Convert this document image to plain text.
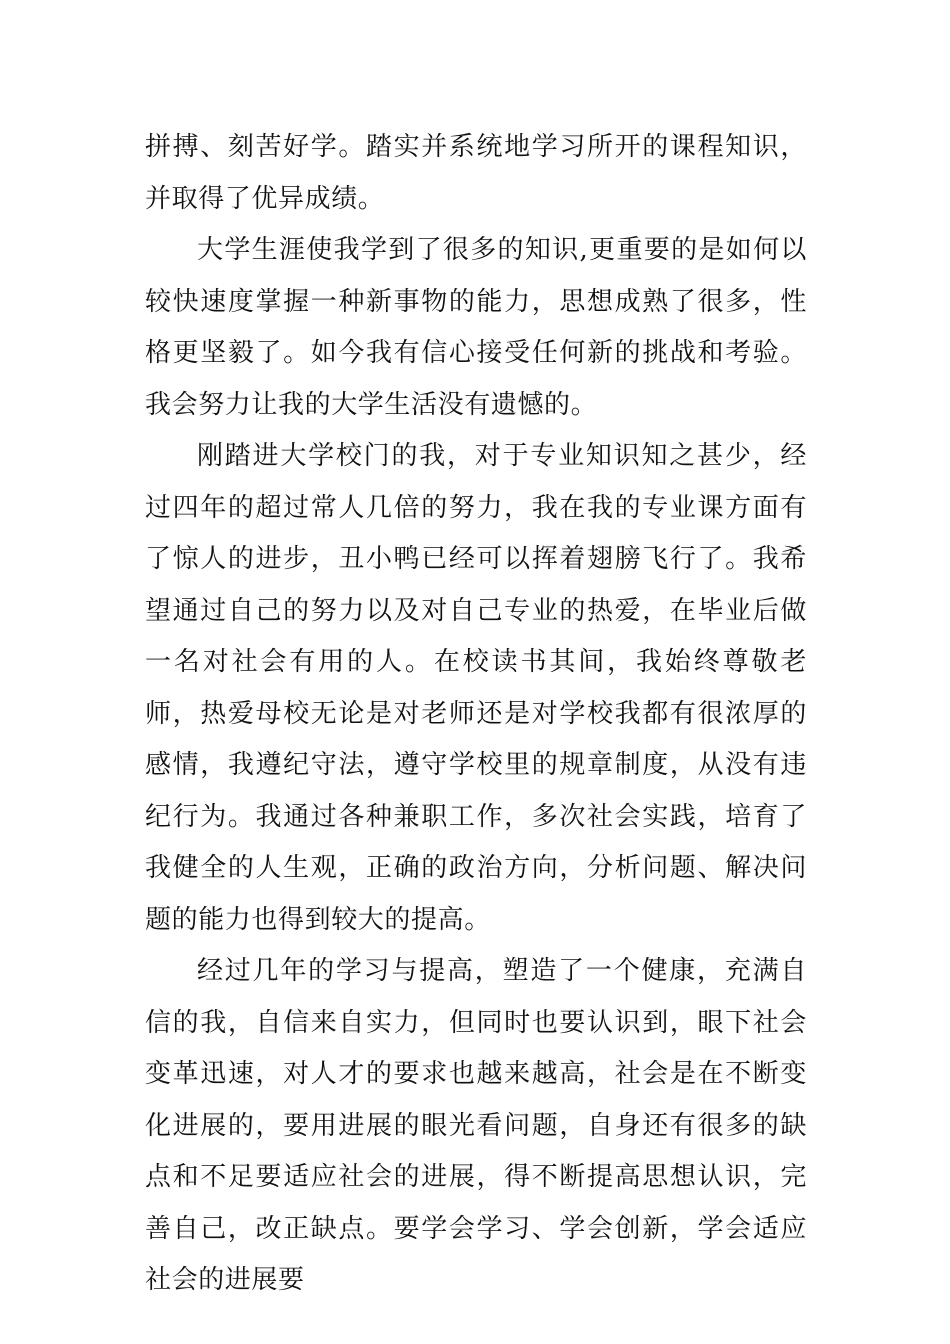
拼搏、刻苦好学。踏实并系统地学习所开的课程知识，并取得了优异成绩。

大学生涯使我学到了很多的知识,更重要的是如何以较快速度掌握一种新事物的能力，思想成熟了很多，性格更坚毅了。如今我有信心接受任何新的挑战和考验。我会努力让我的大学生活没有遗憾的。

刚踏进大学校门的我，对于专业知识知之甚少，经过四年的超过常人几倍的努力，我在我的专业课方面有了惊人的进步，丑小鸭已经可以挥着翅膀飞行了。我希望通过自己的努力以及对自己专业的热爱，在毕业后做一名对社会有用的人。在校读书其间，我始终尊敬老师，热爱母校无论是对老师还是对学校我都有很浓厚的感情，我遵纪守法，遵守学校里的规章制度，从没有违纪行为。我通过各种兼职工作，多次社会实践，培育了我健全的人生观，正确的政治方向，分析问题、解决问题的能力也得到较大的提高。

经过几年的学习与提高，塑造了一个健康，充满自信的我，自信来自实力，但同时也要认识到，眼下社会变革迅速，对人才的要求也越来越高，社会是在不断变化进展的，要用进展的眼光看问题，自身还有很多的缺点和不足要适应社会的进展，得不断提高思想认识，完善自己，改正缺点。要学会学习、学会创新，学会适应社会的进展要
